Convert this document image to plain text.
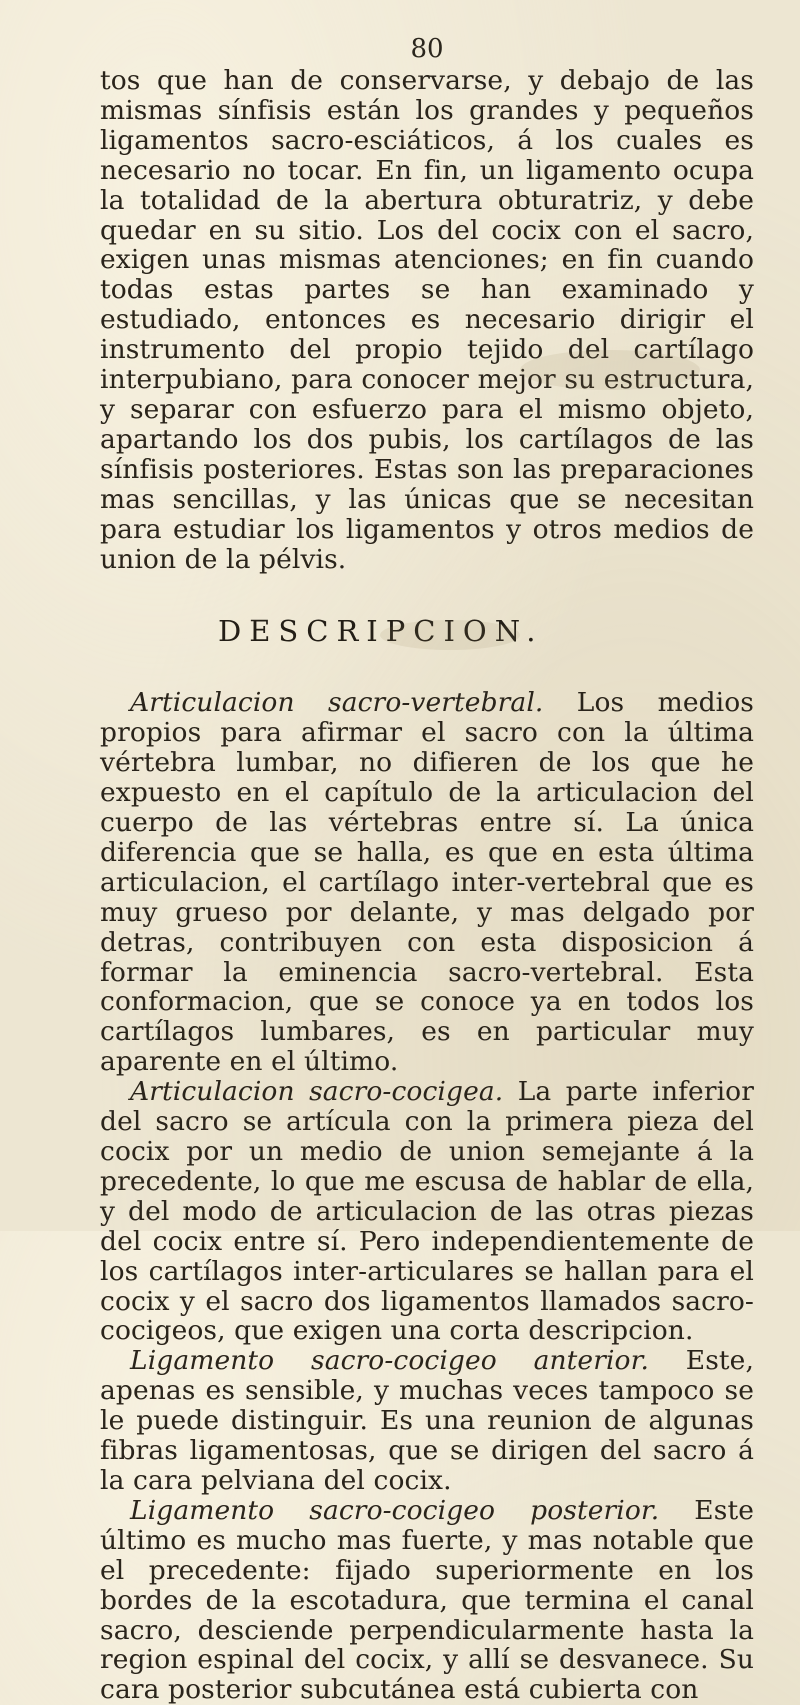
80

tos que han de conservarse, y debajo de las mismas sínfisis están los grandes y pequeños ligamentos sacro-esciáticos, á los cuales es necesario no tocar. En fin, un ligamento ocupa la totalidad de la abertura obturatriz, y debe quedar en su sitio. Los del cocix con el sacro, exigen unas mismas atenciones; en fin cuando todas estas partes se han examinado y estudiado, entonces es necesario dirigir el instrumento del propio tejido del cartílago interpubiano, para conocer mejor su estructura, y separar con esfuerzo para el mismo objeto, apartando los dos pubis, los cartílagos de las sínfisis posteriores. Estas son las preparaciones mas sencillas, y las únicas que se necesitan para estudiar los ligamentos y otros medios de union de la pélvis.

DESCRIPCION.

Articulacion sacro-vertebral. Los medios propios para afirmar el sacro con la última vértebra lumbar, no difieren de los que he expuesto en el capítulo de la articulacion del cuerpo de las vértebras entre sí. La única diferencia que se halla, es que en esta última articulacion, el cartílago inter-vertebral que es muy grueso por delante, y mas delgado por detras, contribuyen con esta disposicion á formar la eminencia sacro-vertebral. Esta conformacion, que se conoce ya en todos los cartílagos lumbares, es en particular muy aparente en el último.

Articulacion sacro-cocigea. La parte inferior del sacro se artícula con la primera pieza del cocix por un medio de union semejante á la precedente, lo que me escusa de hablar de ella, y del modo de articulacion de las otras piezas del cocix entre sí. Pero independientemente de los cartílagos inter-articulares se hallan para el cocix y el sacro dos ligamentos llamados sacro-cocigeos, que exigen una corta descripcion.

Ligamento sacro-cocigeo anterior. Este, apenas es sensible, y muchas veces tampoco se le puede distinguir. Es una reunion de algunas fibras ligamentosas, que se dirigen del sacro á la cara pelviana del cocix.

Ligamento sacro-cocigeo posterior. Este último es mucho mas fuerte, y mas notable que el precedente: fijado superiormente en los bordes de la escotadura, que termina el canal sacro, desciende perpendicularmente hasta la region espinal del cocix, y allí se desvanece. Su cara posterior subcutánea está cubierta con
